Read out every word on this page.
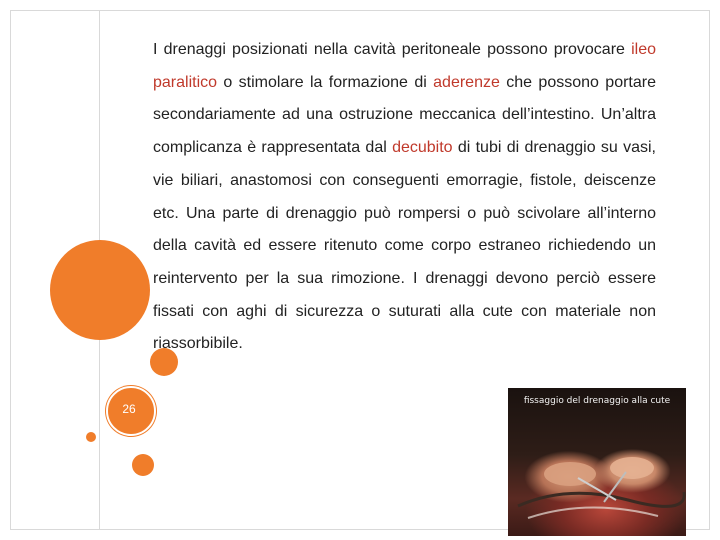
26
I drenaggi posizionati nella cavità peritoneale possono provocare ileo paralitico o stimolare la formazione di aderenze che possono portare secondariamente ad una ostruzione meccanica dell’intestino. Un’altra complicanza è rappresentata dal decubito di tubi di drenaggio su vasi, vie biliari, anastomosi con conseguenti emorragie, fistole, deiscenze etc. Una parte di drenaggio può rompersi o può scivolare all’interno della cavità ed essere ritenuto come corpo estraneo richiedendo un reintervento per la sua rimozione. I drenaggi devono perciò essere fissati con aghi di sicurezza o suturati alla cute con materiale non riassorbibile.
fissaggio del drenaggio alla cute
